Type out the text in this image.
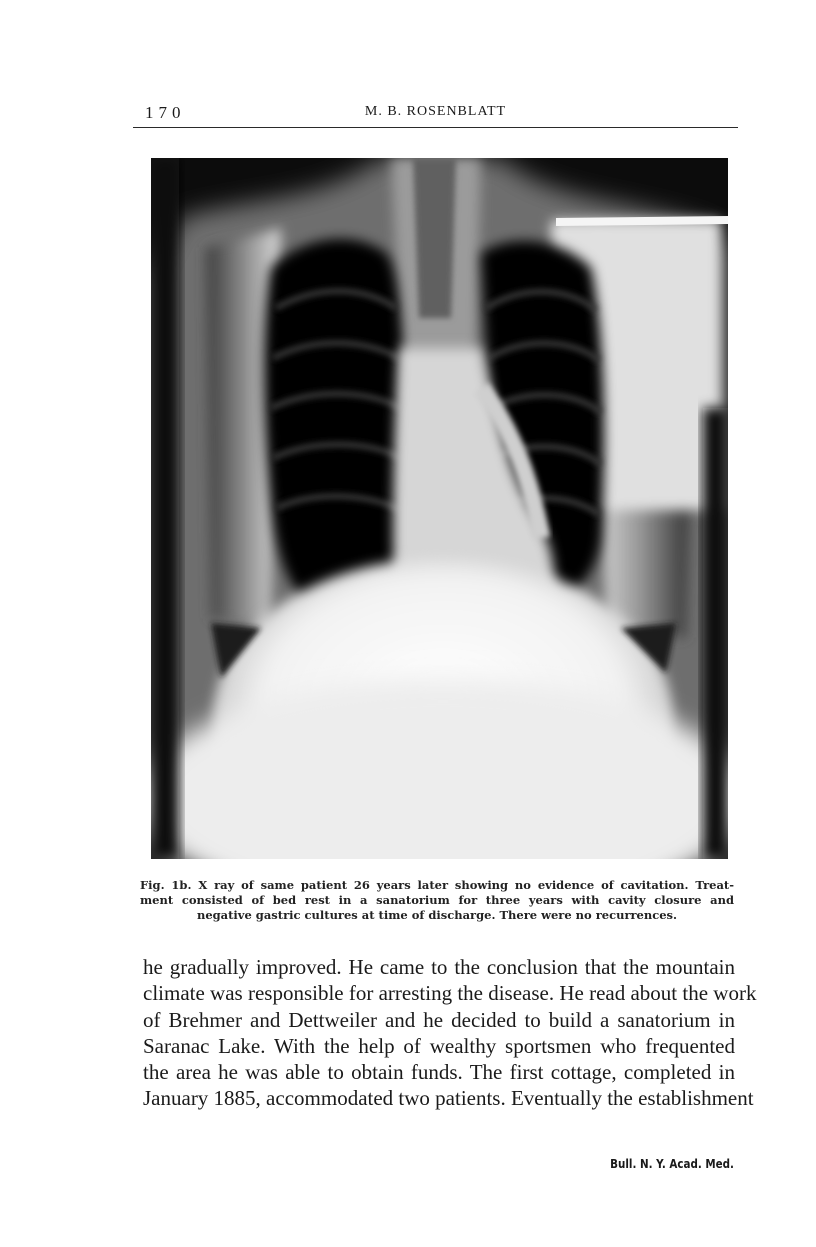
170	M. B. ROSENBLATT
Fig. 1b. X ray of same patient 26 years later showing no evidence of cavitation. Treat-
ment consisted of bed rest in a sanatorium for three years with cavity closure and
negative gastric cultures at time of discharge. There were no recurrences.
he gradually improved. He came to the conclusion that the mountain
climate was responsible for arresting the disease. He read about the work
of Brehmer and Dettweiler and he decided to build a sanatorium in
Saranac Lake. With the help of wealthy sportsmen who frequented
the area he was able to obtain funds. The first cottage, completed in
January 1885, accommodated two patients. Eventually the establishment
Bull. N. Y. Acad. Med.
